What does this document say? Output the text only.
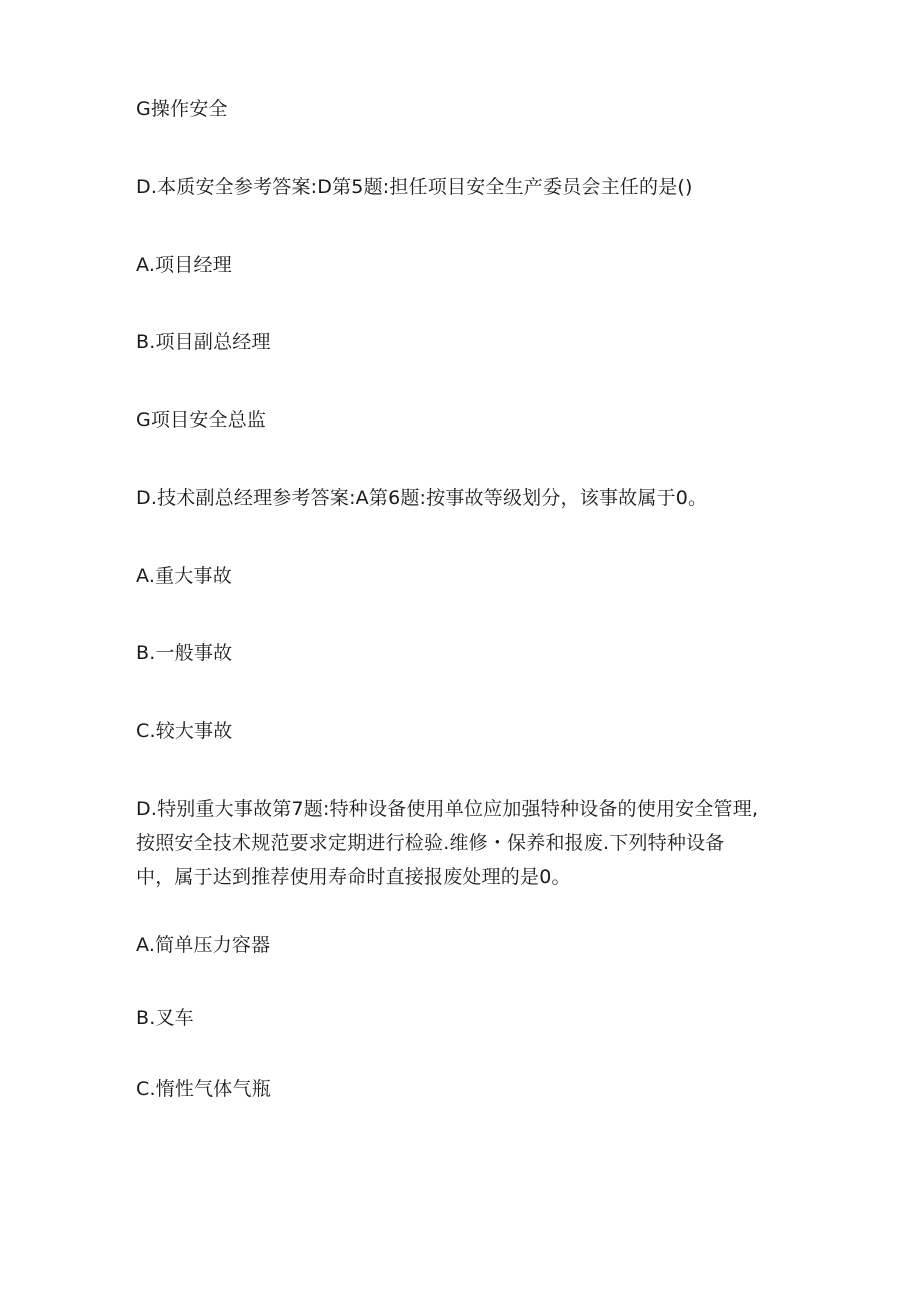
G操作安全
D.本质安全参考答案:D第5题:担任项目安全生产委员会主任的是()
A.项目经理
B.项目副总经理
G项目安全总监
D.技术副总经理参考答案:A第6题:按事故等级划分，该事故属于0。
A.重大事故
B.一般事故
C.较大事故
D.特别重大事故第7题:特种设备使用单位应加强特种设备的使用安全管理,
按照安全技术规范要求定期进行检验.维修・保养和报废.下列特种设备
中，属于达到推荐使用寿命时直接报废处理的是0。
A.简单压力容器
B.叉车
C.惰性气体气瓶
